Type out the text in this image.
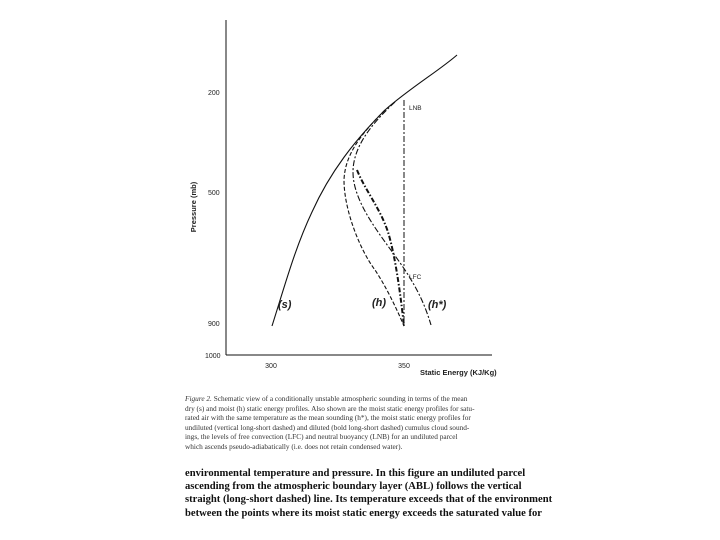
Pressure (mb)
200
500
900
1000
300	350
Static Energy (KJ/Kg)
LNB
LFC
(s)	(h)	(h*)
Figure 2. Schematic view of a conditionally unstable atmospheric sounding in terms of the mean
dry (s) and moist (h) static energy profiles. Also shown are the moist static energy profiles for satu-
rated air with the same temperature as the mean sounding (h*), the moist static energy profiles for
undiluted (vertical long-short dashed) and diluted (bold long-short dashed) cumulus cloud sound-
ings, the levels of free convection (LFC) and neutral buoyancy (LNB) for an undiluted parcel
which ascends pseudo-adiabatically (i.e. does not retain condensed water).
environmental temperature and pressure. In this figure an undiluted parcel
ascending from the atmospheric boundary layer (ABL) follows the vertical
straight (long-short dashed) line. Its temperature exceeds that of the environment
between the points where its moist static energy exceeds the saturated value for
